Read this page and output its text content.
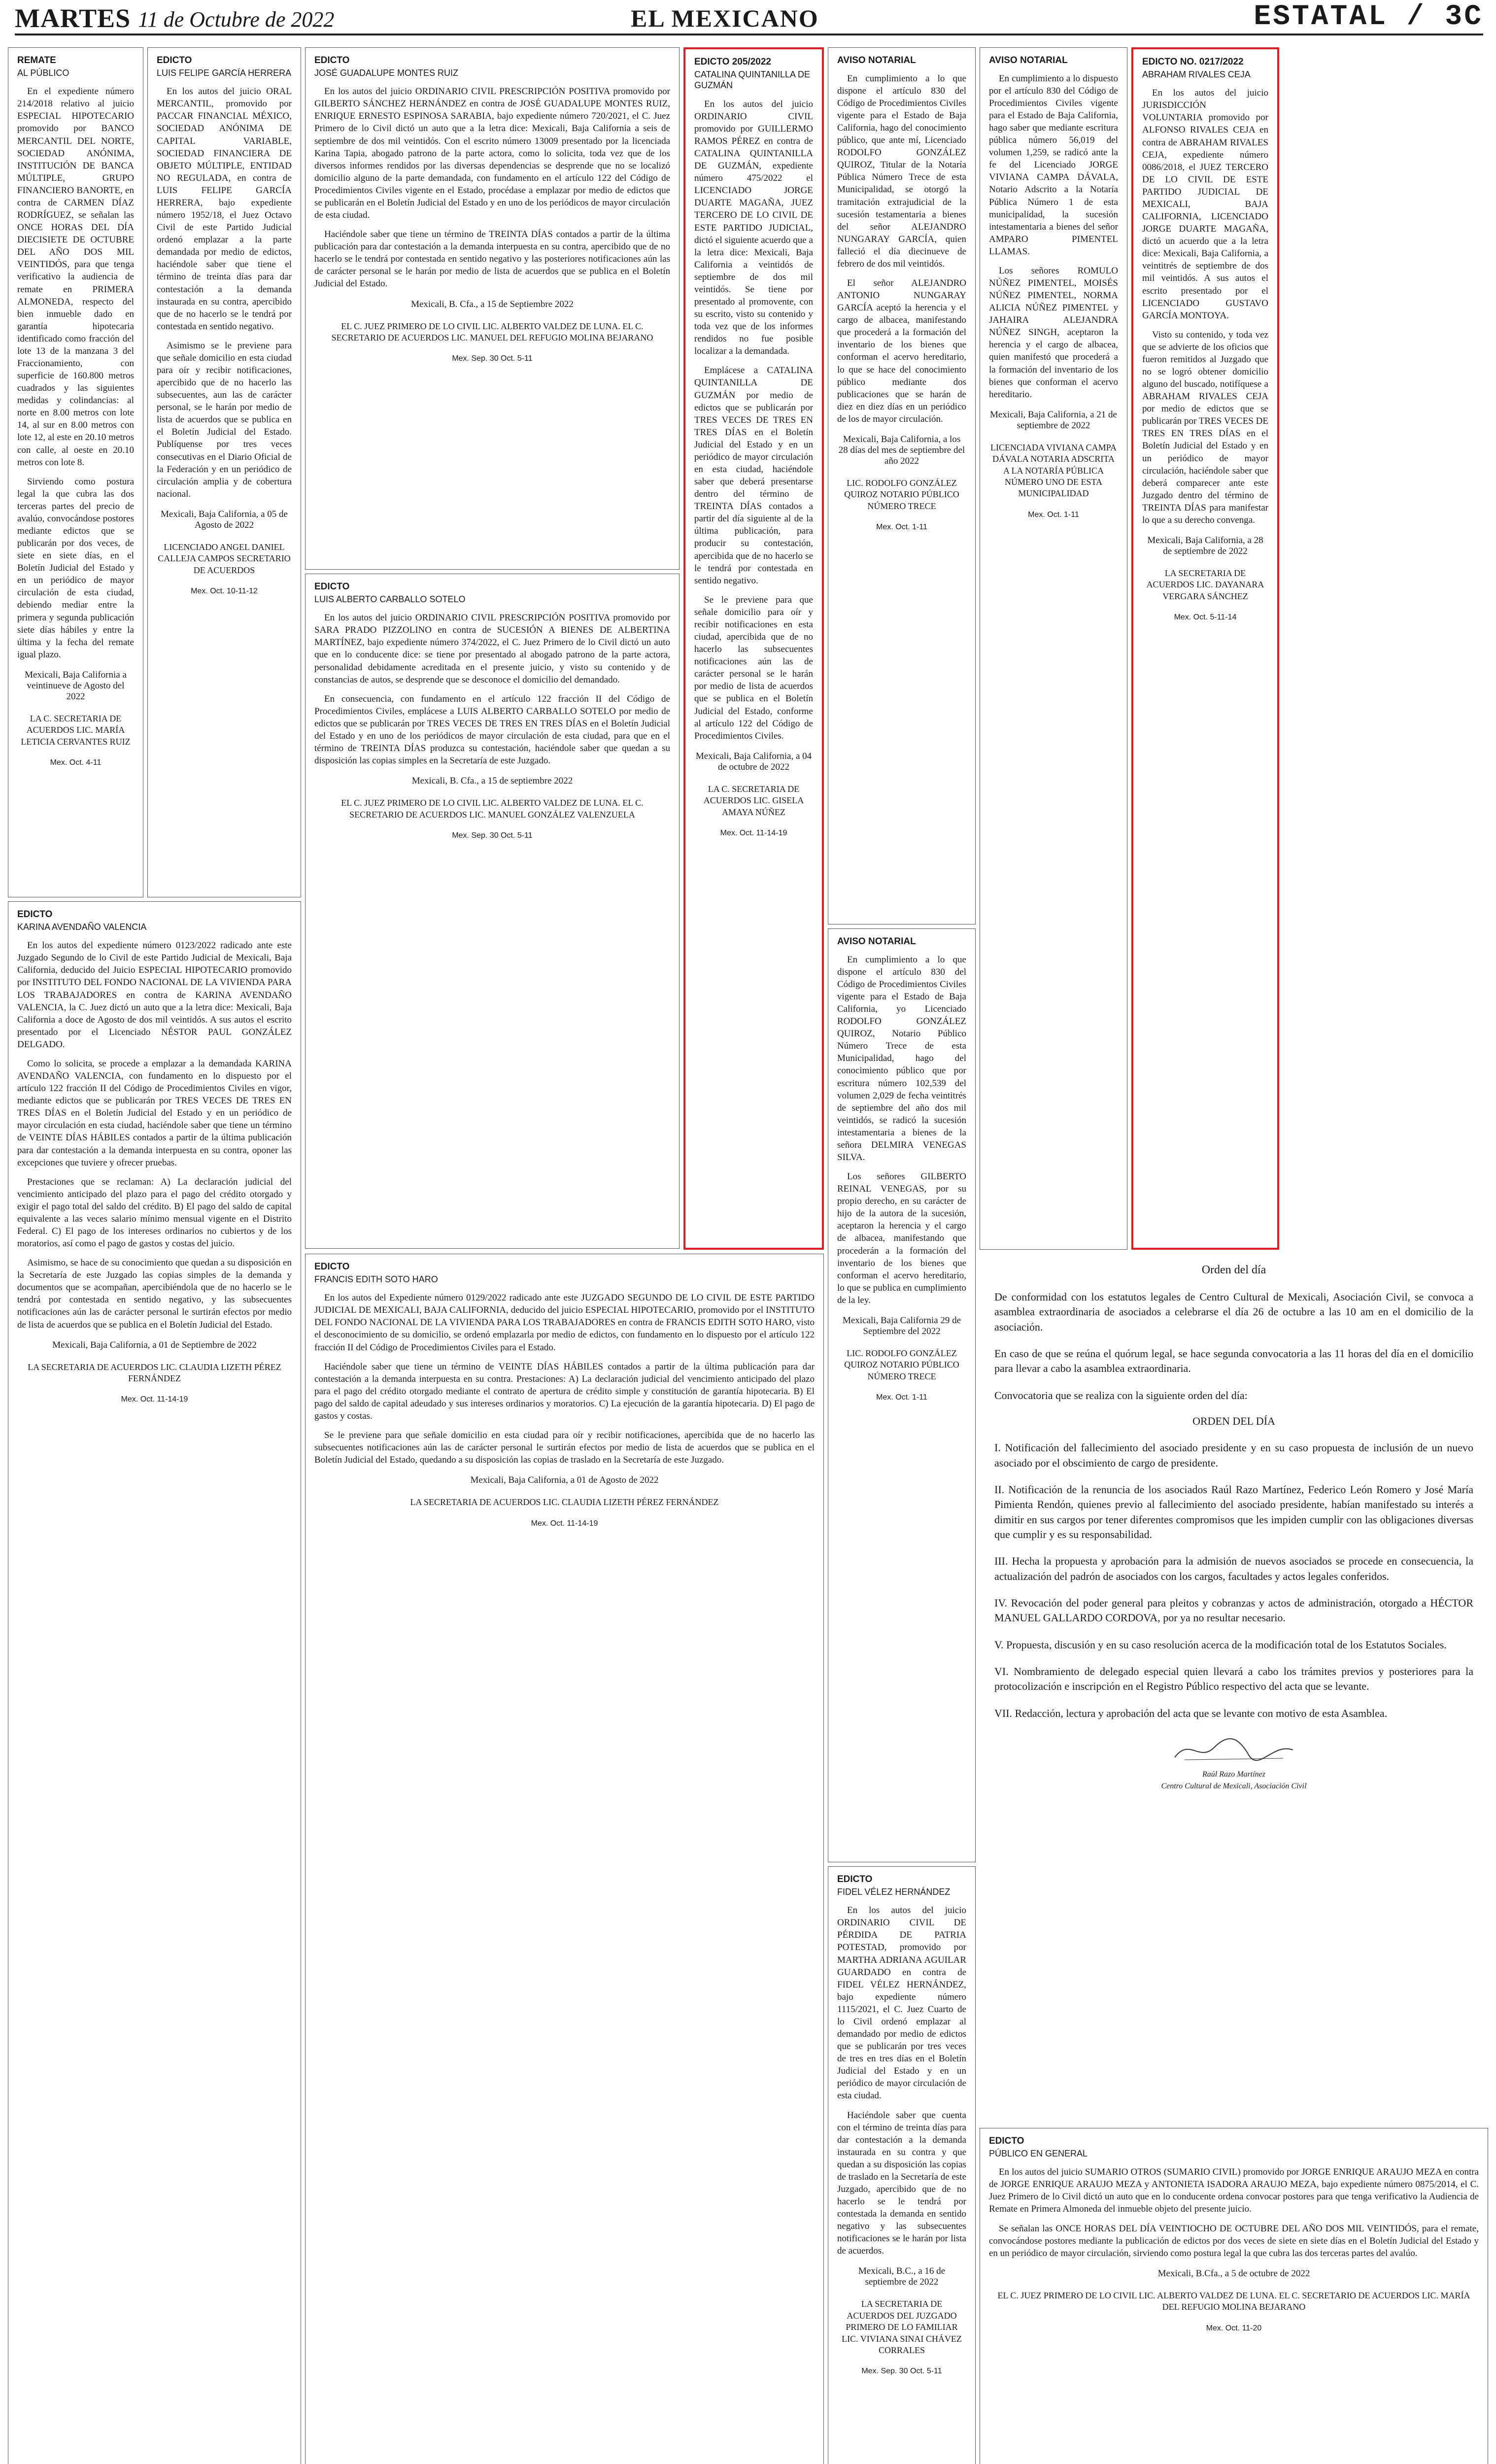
MARTES 11 de Octubre de 2022	EL MEXICANO	ESTATAL / 3C
REMATE
AL PÚBLICO

En el expediente número 214/2018 relativo al juicio ESPECIAL HIPOTECARIO promovido por BANCO MERCANTIL DEL NORTE, SOCIEDAD ANÓNIMA, INSTITUCIÓN DE BANCA MÚLTIPLE, GRUPO FINANCIERO BANORTE, en contra de CARMEN DÍAZ RODRÍGUEZ, se señalan las ONCE HORAS DEL DÍA DIECISIETE DE OCTUBRE DEL AÑO DOS MIL VEINTIDÓS, para que tenga verificativo la audiencia de remate en PRIMERA ALMONEDA, respecto del bien inmueble dado en garantía hipotecaria identificado como fracción del lote 13 de la manzana 3 del Fraccionamiento, con superficie de 160.800 metros cuadrados y las siguientes medidas y colindancias: al norte en 8.00 metros con lote 14, al sur en 8.00 metros con lote 12, al este en 20.10 metros con calle, al oeste en 20.10 metros con lote 8.

Sirviendo como postura legal la que cubra las dos terceras partes del precio de avalúo, convocándose postores mediante edictos que se publicarán por dos veces, de siete en siete días, en el Boletín Judicial del Estado y en un periódico de mayor circulación de esta ciudad, debiendo mediar entre la primera y segunda publicación siete días hábiles y entre la última y la fecha del remate igual plazo.

Mexicali, Baja California a veintinueve de Agosto del 2022
LA C. SECRETARIA DE ACUERDOS LIC. MARÍA LETICIA CERVANTES RUIZ
Mex. Oct. 4-11
EDICTO
LUIS FELIPE GARCÍA HERRERA

En los autos del juicio ORAL MERCANTIL, promovido por PACCAR FINANCIAL MÉXICO, SOCIEDAD ANÓNIMA DE CAPITAL VARIABLE, SOCIEDAD FINANCIERA DE OBJETO MÚLTIPLE, ENTIDAD NO REGULADA, en contra de LUIS FELIPE GARCÍA HERRERA, bajo expediente número 1952/18, el Juez Octavo Civil de este Partido Judicial ordenó emplazar a la parte demandada por medio de edictos, haciéndole saber que tiene el término de treinta días para dar contestación a la demanda instaurada en su contra, apercibido que de no hacerlo se le tendrá por contestada en sentido negativo.

Asimismo se le previene para que señale domicilio en esta ciudad para oír y recibir notificaciones, apercibido que de no hacerlo las subsecuentes, aun las de carácter personal, se le harán por medio de lista de acuerdos que se publica en el Boletín Judicial del Estado. Publíquense por tres veces consecutivas en el Diario Oficial de la Federación y en un periódico de circulación amplia y de cobertura nacional.

Mexicali, Baja California, a 05 de Agosto de 2022
LICENCIADO ANGEL DANIEL CALLEJA CAMPOS SECRETARIO DE ACUERDOS
Mex. Oct. 10-11-12
EDICTO
JOSÉ GUADALUPE MONTES RUIZ

En los autos del juicio ORDINARIO CIVIL PRESCRIPCIÓN POSITIVA promovido por GILBERTO SÁNCHEZ HERNÁNDEZ en contra de JOSÉ GUADALUPE MONTES RUIZ, ENRIQUE ERNESTO ESPINOSA SARABIA, bajo expediente número 720/2021, el C. Juez Primero de lo Civil dictó un auto que a la letra dice: Mexicali, Baja California a seis de septiembre de dos mil veintidós. Con el escrito número 13009 presentado por la licenciada Karina Tapia, abogado patrono de la parte actora, como lo solicita, toda vez que de los diversos informes rendidos por las diversas dependencias se desprende que no se localizó domicilio alguno de la parte demandada, con fundamento en el artículo 122 del Código de Procedimientos Civiles vigente en el Estado, procédase a emplazar por medio de edictos que se publicarán en el Boletín Judicial del Estado y en uno de los periódicos de mayor circulación de esta ciudad.

Haciéndole saber que tiene un término de TREINTA DÍAS contados a partir de la última publicación para dar contestación a la demanda interpuesta en su contra, apercibido que de no hacerlo se le tendrá por contestada en sentido negativo y las posteriores notificaciones aún las de carácter personal se le harán por medio de lista de acuerdos que se publica en el Boletín Judicial del Estado.

Mexicali, B. Cfa., a 15 de Septiembre 2022
EL C. JUEZ PRIMERO DE LO CIVIL LIC. ALBERTO VALDEZ DE LUNA. EL C. SECRETARIO DE ACUERDOS LIC. MANUEL DEL REFUGIO MOLINA BEJARANO
Mex. Sep. 30 Oct. 5-11
EDICTO
LUIS ALBERTO CARBALLO SOTELO

En los autos del juicio ORDINARIO CIVIL PRESCRIPCIÓN POSITIVA promovido por SARA PRADO PIZZOLINO en contra de SUCESIÓN A BIENES DE ALBERTINA MARTÍNEZ, bajo expediente número 374/2022, el C. Juez Primero de lo Civil dictó un auto que en lo conducente dice: se tiene por presentado al abogado patrono de la parte actora, personalidad debidamente acreditada en el presente juicio, y visto su contenido y de constancias de autos, se desprende que se desconoce el domicilio del demandado.

En consecuencia, con fundamento en el artículo 122 fracción II del Código de Procedimientos Civiles, emplácese a LUIS ALBERTO CARBALLO SOTELO por medio de edictos que se publicarán por TRES VECES DE TRES EN TRES DÍAS en el Boletín Judicial del Estado y en uno de los periódicos de mayor circulación de esta ciudad, para que en el término de TREINTA DÍAS produzca su contestación, haciéndole saber que quedan a su disposición las copias simples en la Secretaría de este Juzgado.

Mexicali, B. Cfa., a 15 de septiembre 2022
EL C. JUEZ PRIMERO DE LO CIVIL LIC. ALBERTO VALDEZ DE LUNA. EL C. SECRETARIO DE ACUERDOS LIC. MANUEL GONZÁLEZ VALENZUELA
Mex. Sep. 30 Oct. 5-11
EDICTO 205/2022
CATALINA QUINTANILLA DE GUZMÁN

En los autos del juicio ORDINARIO CIVIL promovido por GUILLERMO RAMOS PÉREZ en contra de CATALINA QUINTANILLA DE GUZMÁN, expediente número 475/2022 el LICENCIADO JORGE DUARTE MAGAÑA, JUEZ TERCERO DE LO CIVIL DE ESTE PARTIDO JUDICIAL, dictó el siguiente acuerdo que a la letra dice: Mexicali, Baja California a veintidós de septiembre de dos mil veintidós. Se tiene por presentado al promovente, con su escrito, visto su contenido y toda vez que de los informes rendidos no fue posible localizar a la demandada.

Emplácese a CATALINA QUINTANILLA DE GUZMÁN por medio de edictos que se publicarán por TRES VECES DE TRES EN TRES DÍAS en el Boletín Judicial del Estado y en un periódico de mayor circulación en esta ciudad, haciéndole saber que deberá presentarse dentro del término de TREINTA DÍAS contados a partir del día siguiente al de la última publicación, para producir su contestación, apercibida que de no hacerlo se le tendrá por contestada en sentido negativo.

Se le previene para que señale domicilio para oír y recibir notificaciones en esta ciudad, apercibida que de no hacerlo las subsecuentes notificaciones aún las de carácter personal se le harán por medio de lista de acuerdos que se publica en el Boletín Judicial del Estado, conforme al artículo 122 del Código de Procedimientos Civiles.

Mexicali, Baja California, a 04 de octubre de 2022
LA C. SECRETARIA DE ACUERDOS LIC. GISELA AMAYA NÚÑEZ
Mex. Oct. 11-14-19
AVISO NOTARIAL

En cumplimiento a lo que dispone el artículo 830 del Código de Procedimientos Civiles vigente para el Estado de Baja California, hago del conocimiento público, que ante mí, Licenciado RODOLFO GONZÁLEZ QUIROZ, Titular de la Notaría Pública Número Trece de esta Municipalidad, se otorgó la tramitación extrajudicial de la sucesión testamentaria a bienes del señor ALEJANDRO NUNGARAY GARCÍA, quien falleció el día diecinueve de febrero de dos mil veintidós.

El señor ALEJANDRO ANTONIO NUNGARAY GARCÍA aceptó la herencia y el cargo de albacea, manifestando que procederá a la formación del inventario de los bienes que conforman el acervo hereditario, lo que se hace del conocimiento público mediante dos publicaciones que se harán de diez en diez días en un periódico de los de mayor circulación.

Mexicali, Baja California, a los 28 días del mes de septiembre del año 2022
LIC. RODOLFO GONZÁLEZ QUIROZ NOTARIO PÚBLICO NÚMERO TRECE
Mex. Oct. 1-11
AVISO NOTARIAL

En cumplimiento a lo que dispone el artículo 830 del Código de Procedimientos Civiles vigente para el Estado de Baja California, yo Licenciado RODOLFO GONZÁLEZ QUIROZ, Notario Público Número Trece de esta Municipalidad, hago del conocimiento público que por escritura número 102,539 del volumen 2,029 de fecha veintitrés de septiembre del año dos mil veintidós, se radicó la sucesión intestamentaria a bienes de la señora DELMIRA VENEGAS SILVA.

Los señores GILBERTO REINAL VENEGAS, por su propio derecho, en su carácter de hijo de la autora de la sucesión, aceptaron la herencia y el cargo de albacea, manifestando que procederán a la formación del inventario de los bienes que conforman el acervo hereditario, lo que se publica en cumplimiento de la ley.

Mexicali, Baja California 29 de Septiembre del 2022
LIC. RODOLFO GONZÁLEZ QUIROZ NOTARIO PÚBLICO NÚMERO TRECE
Mex. Oct. 1-11
EDICTO
FIDEL VÉLEZ HERNÁNDEZ

En los autos del juicio ORDINARIO CIVIL DE PÉRDIDA DE PATRIA POTESTAD, promovido por MARTHA ADRIANA AGUILAR GUARDADO en contra de FIDEL VÉLEZ HERNÁNDEZ, bajo expediente número 1115/2021, el C. Juez Cuarto de lo Civil ordenó emplazar al demandado por medio de edictos que se publicarán por tres veces de tres en tres días en el Boletín Judicial del Estado y en un periódico de mayor circulación de esta ciudad.

Haciéndole saber que cuenta con el término de treinta días para dar contestación a la demanda instaurada en su contra y que quedan a su disposición las copias de traslado en la Secretaría de este Juzgado, apercibido que de no hacerlo se le tendrá por contestada la demanda en sentido negativo y las subsecuentes notificaciones se le harán por lista de acuerdos.

Mexicali, B.C., a 16 de septiembre de 2022
LA SECRETARIA DE ACUERDOS DEL JUZGADO PRIMERO DE LO FAMILIAR LIC. VIVIANA SINAI CHÁVEZ CORRALES
Mex. Sep. 30 Oct. 5-11
AVISO NOTARIAL

En cumplimiento a lo dispuesto por el artículo 830 del Código de Procedimientos Civiles vigente para el Estado de Baja California, hago saber que mediante escritura pública número 56,019 del volumen 1,259, se radicó ante la fe del Licenciado JORGE VIVIANA CAMPA DÁVALA, Notario Adscrito a la Notaría Pública Número 1 de esta municipalidad, la sucesión intestamentaria a bienes del señor AMPARO PIMENTEL LLAMAS.

Los señores ROMULO NÚÑEZ PIMENTEL, MOISÉS NÚÑEZ PIMENTEL, NORMA ALICIA NÚÑEZ PIMENTEL y JAHAIRA ALEJANDRA NÚÑEZ SINGH, aceptaron la herencia y el cargo de albacea, quien manifestó que procederá a la formación del inventario de los bienes que conforman el acervo hereditario.

Mexicali, Baja California, a 21 de septiembre de 2022
LICENCIADA VIVIANA CAMPA DÁVALA NOTARIA ADSCRITA A LA NOTARÍA PÚBLICA NÚMERO UNO DE ESTA MUNICIPALIDAD
Mex. Oct. 1-11
EDICTO NO. 0217/2022
ABRAHAM RIVALES CEJA

En los autos del juicio JURISDICCIÓN VOLUNTARIA promovido por ALFONSO RIVALES CEJA en contra de ABRAHAM RIVALES CEJA, expediente número 0086/2018, el JUEZ TERCERO DE LO CIVIL DE ESTE PARTIDO JUDICIAL DE MEXICALI, BAJA CALIFORNIA, LICENCIADO JORGE DUARTE MAGAÑA, dictó un acuerdo que a la letra dice: Mexicali, Baja California, a veintitrés de septiembre de dos mil veintidós. A sus autos el escrito presentado por el LICENCIADO GUSTAVO GARCÍA MONTOYA.

Visto su contenido, y toda vez que se advierte de los oficios que fueron remitidos al Juzgado que no se logró obtener domicilio alguno del buscado, notifíquese a ABRAHAM RIVALES CEJA por medio de edictos que se publicarán por TRES VECES DE TRES EN TRES DÍAS en el Boletín Judicial del Estado y en un periódico de mayor circulación, haciéndole saber que deberá comparecer ante este Juzgado dentro del término de TREINTA DÍAS para manifestar lo que a su derecho convenga.

Mexicali, Baja California, a 28 de septiembre de 2022
LA SECRETARIA DE ACUERDOS LIC. DAYANARA VERGARA SÁNCHEZ
Mex. Oct. 5-11-14
Orden del día

De conformidad con los estatutos legales de Centro Cultural de Mexicali, Asociación Civil, se convoca a asamblea extraordinaria de asociados a celebrarse el día 26 de octubre a las 10 am en el domicilio de la asociación.

En caso de que se reúna el quórum legal, se hace segunda convocatoria a las 11 horas del día en el domicilio para llevar a cabo la asamblea extraordinaria.

Convocatoria que se realiza con la siguiente orden del día:

ORDEN DEL DÍA

I. Notificación del fallecimiento del asociado presidente y en su caso propuesta de inclusión de un nuevo asociado por el obscimiento de cargo de presidente.

II. Notificación de la renuncia de los asociados Raúl Razo Martínez, Federico León Romero y José María Pimienta Rendón, quienes previo al fallecimiento del asociado presidente, habían manifestado su interés a dimitir en sus cargos por tener diferentes compromisos que les impiden cumplir con las obligaciones diversas que cumplir y es su responsabilidad.

III. Hecha la propuesta y aprobación para la admisión de nuevos asociados se procede en consecuencia, la actualización del padrón de asociados con los cargos, facultades y actos legales conferidos.

IV. Revocación del poder general para pleitos y cobranzas y actos de administración, otorgado a HÉCTOR MANUEL GALLARDO CORDOVA, por ya no resultar necesario.

V. Propuesta, discusión y en su caso resolución acerca de la modificación total de los Estatutos Sociales.

VI. Nombramiento de delegado especial quien llevará a cabo los trámites previos y posteriores para la protocolización e inscripción en el Registro Público respectivo del acta que se levante.

VII. Redacción, lectura y aprobación del acta que se levante con motivo de esta Asamblea.

Raúl Razo Martínez
Centro Cultural de Mexicali, Asociación Civil
EDICTO
KARINA AVENDAÑO VALENCIA

En los autos del expediente número 0123/2022 radicado ante este Juzgado Segundo de lo Civil de este Partido Judicial de Mexicali, Baja California, deducido del Juicio ESPECIAL HIPOTECARIO promovido por INSTITUTO DEL FONDO NACIONAL DE LA VIVIENDA PARA LOS TRABAJADORES en contra de KARINA AVENDAÑO VALENCIA, la C. Juez dictó un auto que a la letra dice: Mexicali, Baja California a doce de Agosto de dos mil veintidós. A sus autos el escrito presentado por el Licenciado NÉSTOR PAUL GONZÁLEZ DELGADO.

Como lo solicita, se procede a emplazar a la demandada KARINA AVENDAÑO VALENCIA, con fundamento en lo dispuesto por el artículo 122 fracción II del Código de Procedimientos Civiles en vigor, mediante edictos que se publicarán por TRES VECES DE TRES EN TRES DÍAS en el Boletín Judicial del Estado y en un periódico de mayor circulación en esta ciudad, haciéndole saber que tiene un término de VEINTE DÍAS HÁBILES contados a partir de la última publicación para dar contestación a la demanda interpuesta en su contra, oponer las excepciones que tuviere y ofrecer pruebas.

Prestaciones que se reclaman: A) La declaración judicial del vencimiento anticipado del plazo para el pago del crédito otorgado y exigir el pago total del saldo del crédito. B) El pago del saldo de capital equivalente a las veces salario mínimo mensual vigente en el Distrito Federal. C) El pago de los intereses ordinarios no cubiertos y de los moratorios, así como el pago de gastos y costas del juicio.

Asimismo, se hace de su conocimiento que quedan a su disposición en la Secretaría de este Juzgado las copias simples de la demanda y documentos que se acompañan, apercibiéndola que de no hacerlo se le tendrá por contestada en sentido negativo, y las subsecuentes notificaciones aún las de carácter personal le surtirán efectos por medio de lista de acuerdos que se publica en el Boletín Judicial del Estado.

Mexicali, Baja California, a 01 de Septiembre de 2022
LA SECRETARIA DE ACUERDOS LIC. CLAUDIA LIZETH PÉREZ FERNÁNDEZ
Mex. Oct. 11-14-19
EDICTO
FRANCIS EDITH SOTO HARO

En los autos del Expediente número 0129/2022 radicado ante este JUZGADO SEGUNDO DE LO CIVIL DE ESTE PARTIDO JUDICIAL DE MEXICALI, BAJA CALIFORNIA, deducido del juicio ESPECIAL HIPOTECARIO, promovido por el INSTITUTO DEL FONDO NACIONAL DE LA VIVIENDA PARA LOS TRABAJADORES en contra de FRANCIS EDITH SOTO HARO, visto el desconocimiento de su domicilio, se ordenó emplazarla por medio de edictos, con fundamento en lo dispuesto por el artículo 122 fracción II del Código de Procedimientos Civiles para el Estado.

Haciéndole saber que tiene un término de VEINTE DÍAS HÁBILES contados a partir de la última publicación para dar contestación a la demanda interpuesta en su contra. Prestaciones: A) La declaración judicial del vencimiento anticipado del plazo para el pago del crédito otorgado mediante el contrato de apertura de crédito simple y constitución de garantía hipotecaria. B) El pago del saldo de capital adeudado y sus intereses ordinarios y moratorios. C) La ejecución de la garantía hipotecaria. D) El pago de gastos y costas.

Se le previene para que señale domicilio en esta ciudad para oír y recibir notificaciones, apercibida que de no hacerlo las subsecuentes notificaciones aún las de carácter personal le surtirán efectos por medio de lista de acuerdos que se publica en el Boletín Judicial del Estado, quedando a su disposición las copias de traslado en la Secretaría de este Juzgado.

Mexicali, Baja California, a 01 de Agosto de 2022
LA SECRETARIA DE ACUERDOS LIC. CLAUDIA LIZETH PÉREZ FERNÁNDEZ
Mex. Oct. 11-14-19
EDICTO
PÚBLICO EN GENERAL

En los autos del juicio SUMARIO OTROS (SUMARIO CIVIL) promovido por JORGE ENRIQUE ARAUJO MEZA en contra de JORGE ENRIQUE ARAUJO MEZA y ANTONIETA ISADORA ARAUJO MEZA, bajo expediente número 0875/2014, el C. Juez Primero de lo Civil dictó un auto que en lo conducente ordena convocar postores para que tenga verificativo la Audiencia de Remate en Primera Almoneda del inmueble objeto del presente juicio.

Se señalan las ONCE HORAS DEL DÍA VEINTIOCHO DE OCTUBRE DEL AÑO DOS MIL VEINTIDÓS, para el remate, convocándose postores mediante la publicación de edictos por dos veces de siete en siete días en el Boletín Judicial del Estado y en un periódico de mayor circulación, sirviendo como postura legal la que cubra las dos terceras partes del avalúo.

Mexicali, B.Cfa., a 5 de octubre de 2022
EL C. JUEZ PRIMERO DE LO CIVIL LIC. ALBERTO VALDEZ DE LUNA. EL C. SECRETARIO DE ACUERDOS LIC. MARÍA DEL REFUGIO MOLINA BEJARANO
Mex. Oct. 11-20
